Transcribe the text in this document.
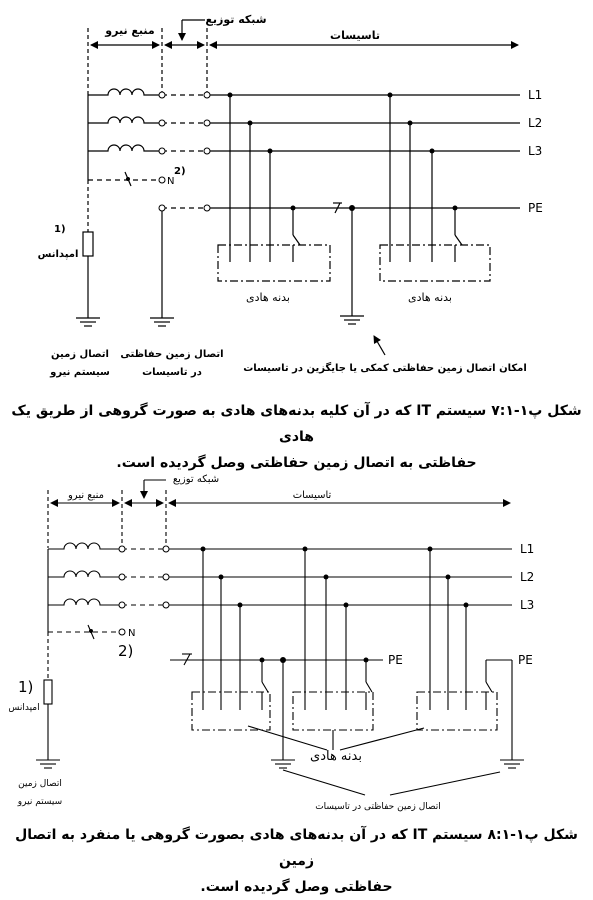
منبع نیرو
شبکه توزیع
تاسیسات
L1
L2
L3
PE
N
2)
1)
امپدانس
بدنه هادی	بدنه هادی
اتصال زمین
سیستم نیرو
اتصال زمین حفاظتی
در تاسیسات	امکان اتصال زمین حفاظتی کمکی یا جایگزین در تاسیسات

شکل پ۱-۷:۱ سیستم IT که در آن کلیه بدنه‌های هادی به صورت گروهی از طریق یک هادی

حفاظتی به اتصال زمین حفاظتی وصل گردیده است.

منبع نیرو
شبکه توزیع
تاسیسات
L1
L2
L3
PE	PE
N
2)
1)
امپدانس
بدنه هادی
اتصال زمین
سیستم نیرو	اتصال زمین حفاظتی در تاسیسات

شکل پ۱-۸:۱ سیستم IT که در آن بدنه‌های هادی بصورت گروهی یا منفرد به اتصال زمین

حفاظتی وصل گردیده است.
